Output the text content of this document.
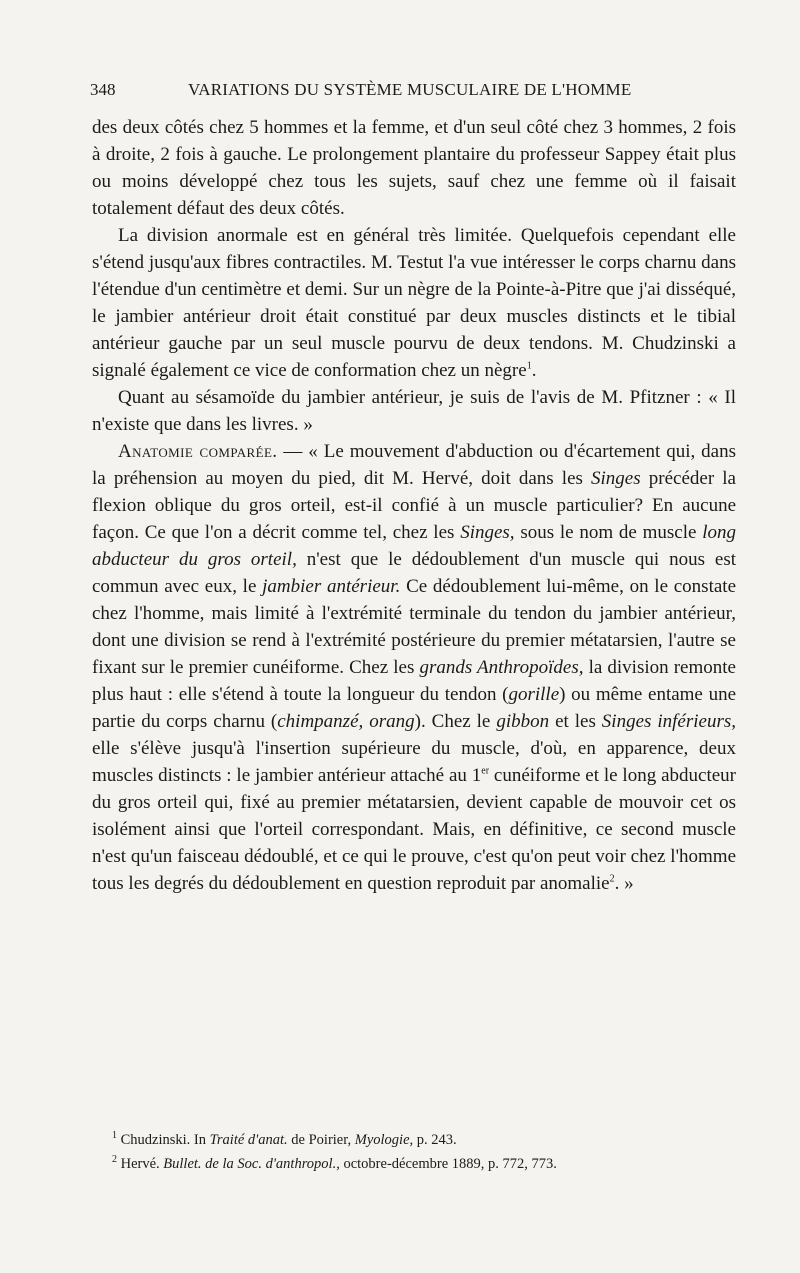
348	VARIATIONS DU SYSTÈME MUSCULAIRE DE L'HOMME

des deux côtés chez 5 hommes et la femme, et d'un seul côté chez 3 hommes, 2 fois à droite, 2 fois à gauche. Le prolongement plantaire du professeur Sappey était plus ou moins développé chez tous les sujets, sauf chez une femme où il faisait totalement défaut des deux côtés.

La division anormale est en général très limitée. Quelquefois cependant elle s'étend jusqu'aux fibres contractiles. M. Testut l'a vue intéresser le corps charnu dans l'étendue d'un centimètre et demi. Sur un nègre de la Pointe-à-Pitre que j'ai disséqué, le jambier antérieur droit était constitué par deux muscles distincts et le tibial antérieur gauche par un seul muscle pourvu de deux tendons. M. Chudzinski a signalé également ce vice de conformation chez un nègre$^1$.

Quant au sésamoïde du jambier antérieur, je suis de l'avis de M. Pfitzner : « Il n'existe que dans les livres. »

Anatomie comparée. — « Le mouvement d'abduction ou d'écartement qui, dans la préhension au moyen du pied, dit M. Hervé, doit dans les Singes précéder la flexion oblique du gros orteil, est-il confié à un muscle particulier? En aucune façon. Ce que l'on a décrit comme tel, chez les Singes, sous le nom de muscle long abducteur du gros orteil, n'est que le dédoublement d'un muscle qui nous est commun avec eux, le jambier antérieur. Ce dédoublement lui-même, on le constate chez l'homme, mais limité à l'extrémité terminale du tendon du jambier antérieur, dont une division se rend à l'extrémité postérieure du premier métatarsien, l'autre se fixant sur le premier cunéiforme. Chez les grands Anthropoïdes, la division remonte plus haut : elle s'étend à toute la longueur du tendon (gorille) ou même entame une partie du corps charnu (chimpanzé, orang). Chez le gibbon et les Singes inférieurs, elle s'élève jusqu'à l'insertion supérieure du muscle, d'où, en apparence, deux muscles distincts : le jambier antérieur attaché au 1er cunéiforme et le long abducteur du gros orteil qui, fixé au premier métatarsien, devient capable de mouvoir cet os isolément ainsi que l'orteil correspondant. Mais, en définitive, ce second muscle n'est qu'un faisceau dédoublé, et ce qui le prouve, c'est qu'on peut voir chez l'homme tous les degrés du dédoublement en question reproduit par anomalie$^2$. »

$^1$ Chudzinski. In Traité d'anat. de Poirier, Myologie, p. 243.
$^2$ Hervé. Bullet. de la Soc. d'anthropol., octobre-décembre 1889, p. 772, 773.
